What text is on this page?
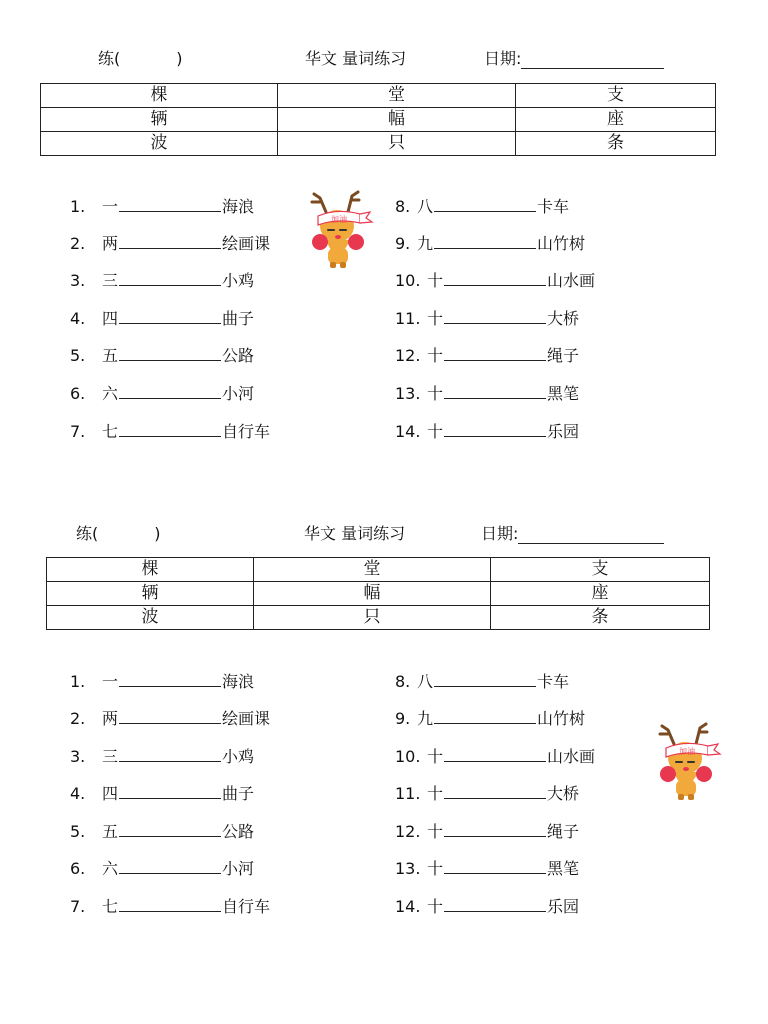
练(	)	华文 量词练习	日期:
棵	堂	支
辆	幅	座
波	只	条
1. 一	海浪
2. 两	绘画课
3. 三	小鸡
4. 四	曲子
5. 五	公路
6. 六	小河
7. 七	自行车
8. 八	卡车
9. 九	山竹树
10. 十	山水画
11. 十	大桥
12. 十	绳子
13. 十	黑笔
14. 十	乐园
加油
练(	)	华文 量词练习	日期:
棵	堂	支
辆	幅	座
波	只	条
1. 一	海浪
2. 两	绘画课
3. 三	小鸡
4. 四	曲子
5. 五	公路
6. 六	小河
7. 七	自行车
8. 八	卡车
9. 九	山竹树
10. 十	山水画
11. 十	大桥
12. 十	绳子
13. 十	黑笔
14. 十	乐园
加油
